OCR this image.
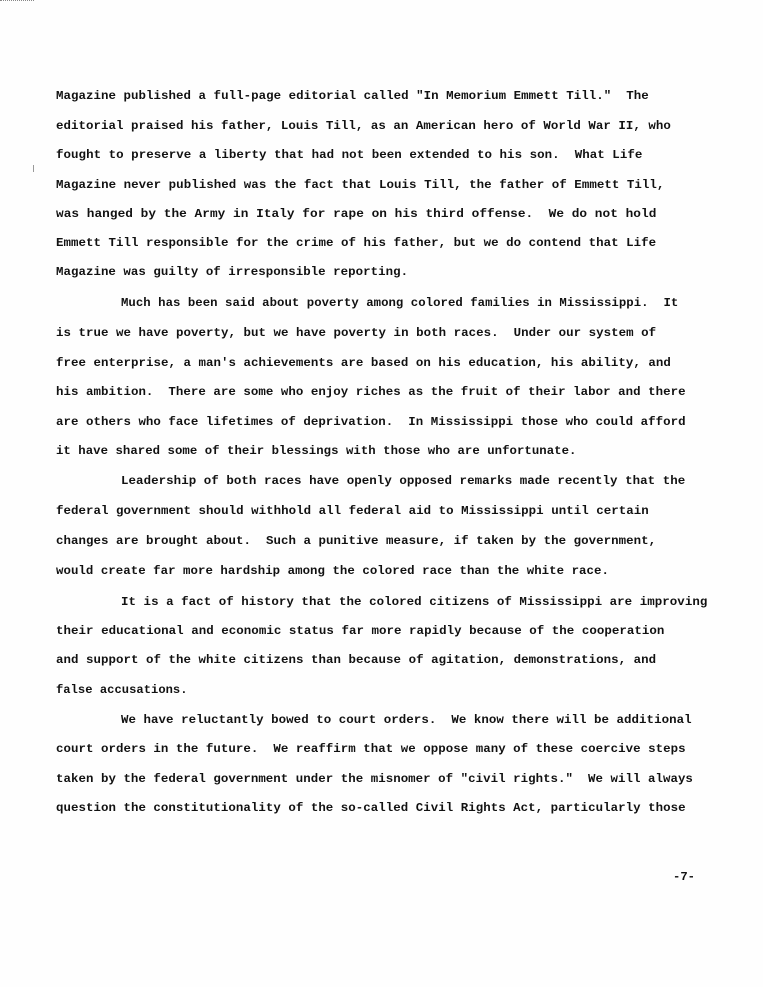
Magazine published a full-page editorial called "In Memorium Emmett Till."  The
editorial praised his father, Louis Till, as an American hero of World War II, who
fought to preserve a liberty that had not been extended to his son.  What Life
Magazine never published was the fact that Louis Till, the father of Emmett Till,
was hanged by the Army in Italy for rape on his third offense.  We do not hold
Emmett Till responsible for the crime of his father, but we do contend that Life
Magazine was guilty of irresponsible reporting.
Much has been said about poverty among colored families in Mississippi.  It
is true we have poverty, but we have poverty in both races.  Under our system of
free enterprise, a man's achievements are based on his education, his ability, and
his ambition.  There are some who enjoy riches as the fruit of their labor and there
are others who face lifetimes of deprivation.  In Mississippi those who could afford
it have shared some of their blessings with those who are unfortunate.
Leadership of both races have openly opposed remarks made recently that the
federal government should withhold all federal aid to Mississippi until certain
changes are brought about.  Such a punitive measure, if taken by the government,
would create far more hardship among the colored race than the white race.
It is a fact of history that the colored citizens of Mississippi are improving
their educational and economic status far more rapidly because of the cooperation
and support of the white citizens than because of agitation, demonstrations, and
false accusations.
We have reluctantly bowed to court orders.  We know there will be additional
court orders in the future.  We reaffirm that we oppose many of these coercive steps
taken by the federal government under the misnomer of "civil rights."  We will always
question the constitutionality of the so-called Civil Rights Act, particularly those
-7-
